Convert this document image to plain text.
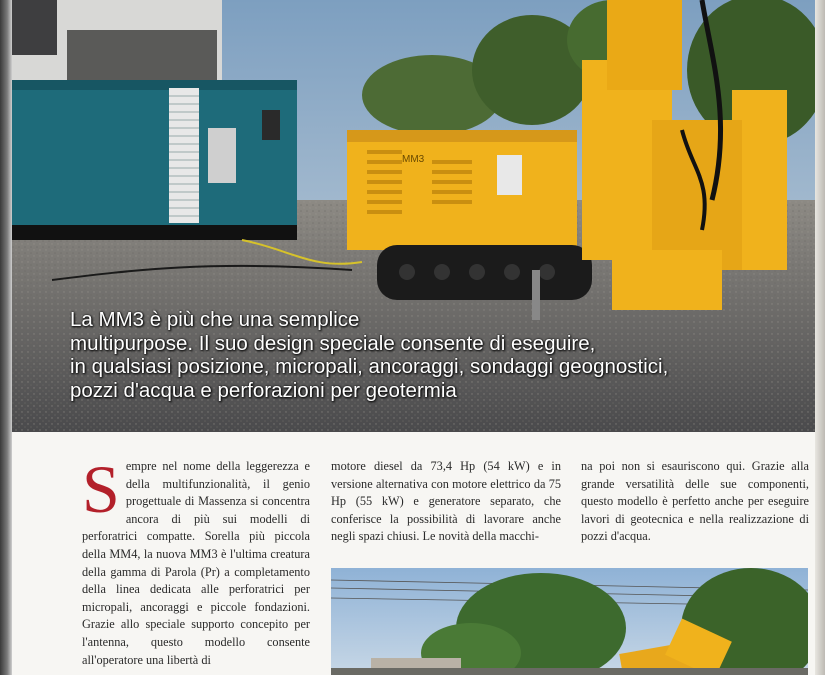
MM3

La MM3 è più che una semplice
multipurpose. Il suo design speciale consente di eseguire,
in qualsiasi posizione, micropali, ancoraggi, sondaggi geognostici,
pozzi d'acqua e perforazioni per geotermia

Sempre nel nome della leggerezza e della multifunzionalità, il genio progettuale di Massenza si concentra ancora di più sui modelli di perforatrici compatte. Sorella più piccola della MM4, la nuova MM3 è l'ultima creatura della gamma di Parola (Pr) a completamento della linea dedicata alle perforatrici per micropali, ancoraggi e piccole fondazioni. Grazie allo speciale supporto concepito per l'antenna, questo modello consente all'operatore una libertà di
motore diesel da 73,4 Hp (54 kW) e in versione alternativa con motore elettrico da 75 Hp (55 kW) e generatore separato, che conferisce la possibilità di lavorare anche negli spazi chiusi. Le novità della macchi-
na poi non si esauriscono qui. Grazie alla grande versatilità delle sue componenti, questo modello è perfetto anche per eseguire lavori di geotecnica e nella realizzazione di pozzi d'acqua.
